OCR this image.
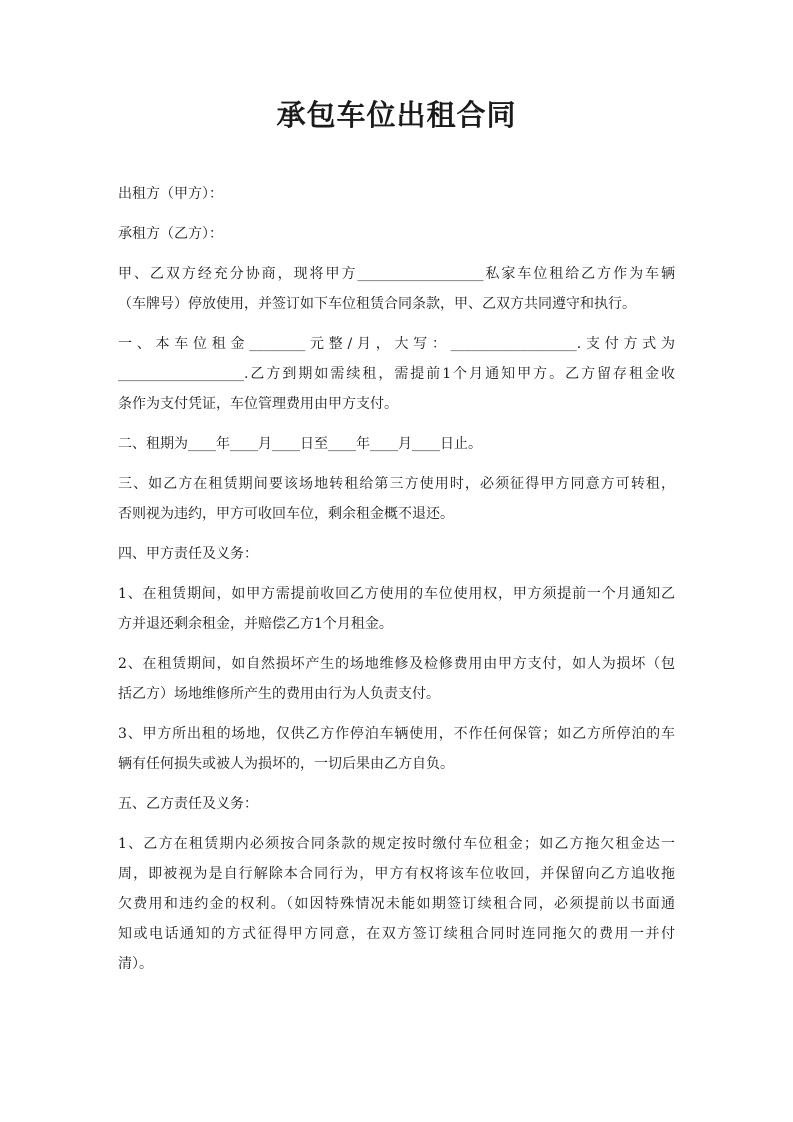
承包车位出租合同

出租方（甲方）：

承租方（乙方）：

甲、乙双方经充分协商，现将甲方__________________私家车位租给乙方作为车辆
（车牌号）停放使用，并签订如下车位租赁合同条款，甲、乙双方共同遵守和执行。

一、本车位租金________元整/月，大写：__________________.支付方式为
__________________.乙方到期如需续租，需提前1个月通知甲方。乙方留存租金收
条作为支付凭证，车位管理费用由甲方支付。

二、租期为____年____月____日至____年____月____日止。

三、如乙方在租赁期间要该场地转租给第三方使用时，必须征得甲方同意方可转租，
否则视为违约，甲方可收回车位，剩余租金概不退还。

四、甲方责任及义务：

1、在租赁期间，如甲方需提前收回乙方使用的车位使用权，甲方须提前一个月通知乙
方并退还剩余租金，并赔偿乙方1个月租金。

2、在租赁期间，如自然损坏产生的场地维修及检修费用由甲方支付，如人为损坏（包
括乙方）场地维修所产生的费用由行为人负责支付。

3、甲方所出租的场地，仅供乙方作停泊车辆使用，不作任何保管；如乙方所停泊的车
辆有任何损失或被人为损坏的，一切后果由乙方自负。

五、乙方责任及义务：

1、乙方在租赁期内必须按合同条款的规定按时缴付车位租金；如乙方拖欠租金达一
周，即被视为是自行解除本合同行为，甲方有权将该车位收回，并保留向乙方追收拖
欠费用和违约金的权利。（如因特殊情况未能如期签订续租合同，必须提前以书面通
知或电话通知的方式征得甲方同意，在双方签订续租合同时连同拖欠的费用一并付
清）。
